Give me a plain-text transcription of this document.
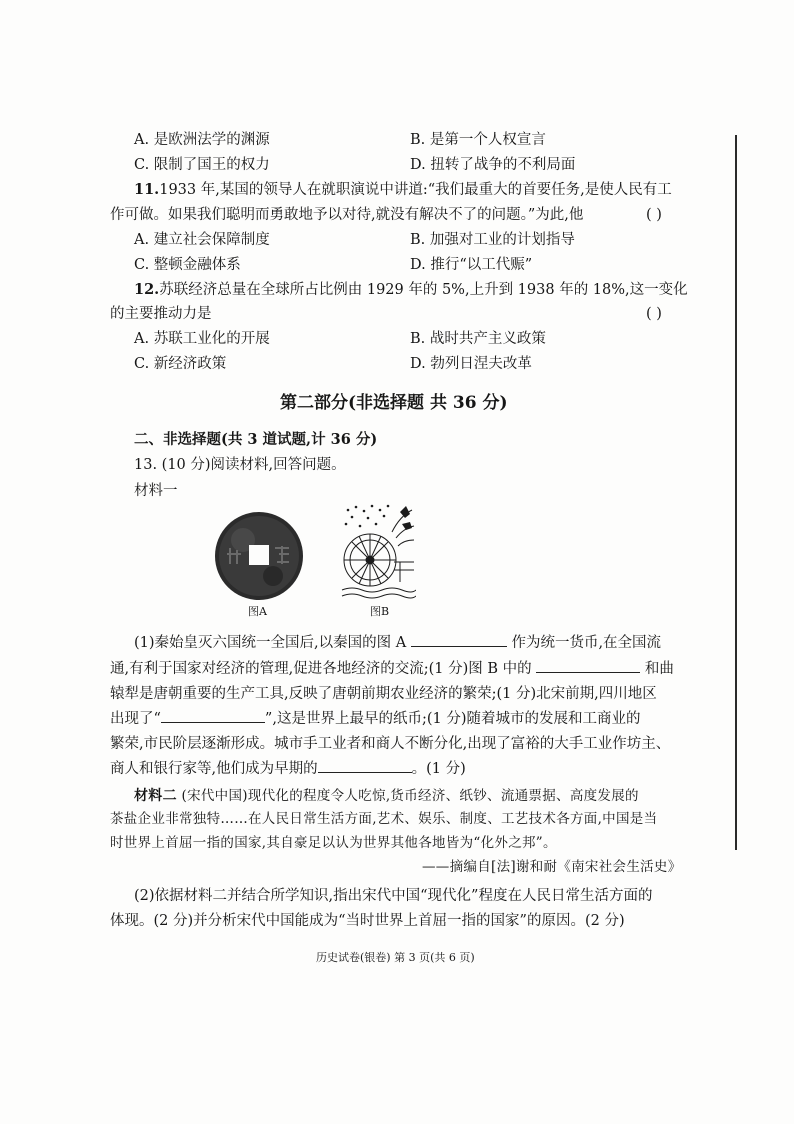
A. 是欧洲法学的渊源	B. 是第一个人权宣言
C. 限制了国王的权力	D. 扭转了战争的不利局面
11.1933 年,某国的领导人在就职演说中讲道:“我们最重大的首要任务,是使人民有工
作可做。如果我们聪明而勇敢地予以对待,就没有解决不了的问题。”为此,他	( )
A. 建立社会保障制度	B. 加强对工业的计划指导
C. 整顿金融体系	D. 推行“以工代赈”
12.苏联经济总量在全球所占比例由 1929 年的 5%,上升到 1938 年的 18%,这一变化
的主要推动力是	( )
A. 苏联工业化的开展	B. 战时共产主义政策
C. 新经济政策	D. 勃列日涅夫改革
第二部分(非选择题 共 36 分)
二、非选择题(共 3 道试题,计 36 分)
13. (10 分)阅读材料,回答问题。
材料一
图A	图B
(1)秦始皇灭六国统一全国后,以秦国的图 A	作为统一货币,在全国流
通,有利于国家对经济的管理,促进各地经济的交流;(1 分)图 B 中的	和曲
辕犁是唐朝重要的生产工具,反映了唐朝前期农业经济的繁荣;(1 分)北宋前期,四川地区
出现了“	”,这是世界上最早的纸币;(1 分)随着城市的发展和工商业的
繁荣,市民阶层逐渐形成。城市手工业者和商人不断分化,出现了富裕的大手工业作坊主、
商人和银行家等,他们成为早期的	。(1 分)
材料二 (宋代中国)现代化的程度令人吃惊,货币经济、纸钞、流通票据、高度发展的
茶盐企业非常独特……在人民日常生活方面,艺术、娱乐、制度、工艺技术各方面,中国是当
时世界上首屈一指的国家,其自豪足以认为世界其他各地皆为“化外之邦”。
——摘编自[法]谢和耐《南宋社会生活史》
(2)依据材料二并结合所学知识,指出宋代中国“现代化”程度在人民日常生活方面的
体现。(2 分)并分析宋代中国能成为“当时世界上首屈一指的国家”的原因。(2 分)
历史试卷(银卷) 第 3 页(共 6 页)
